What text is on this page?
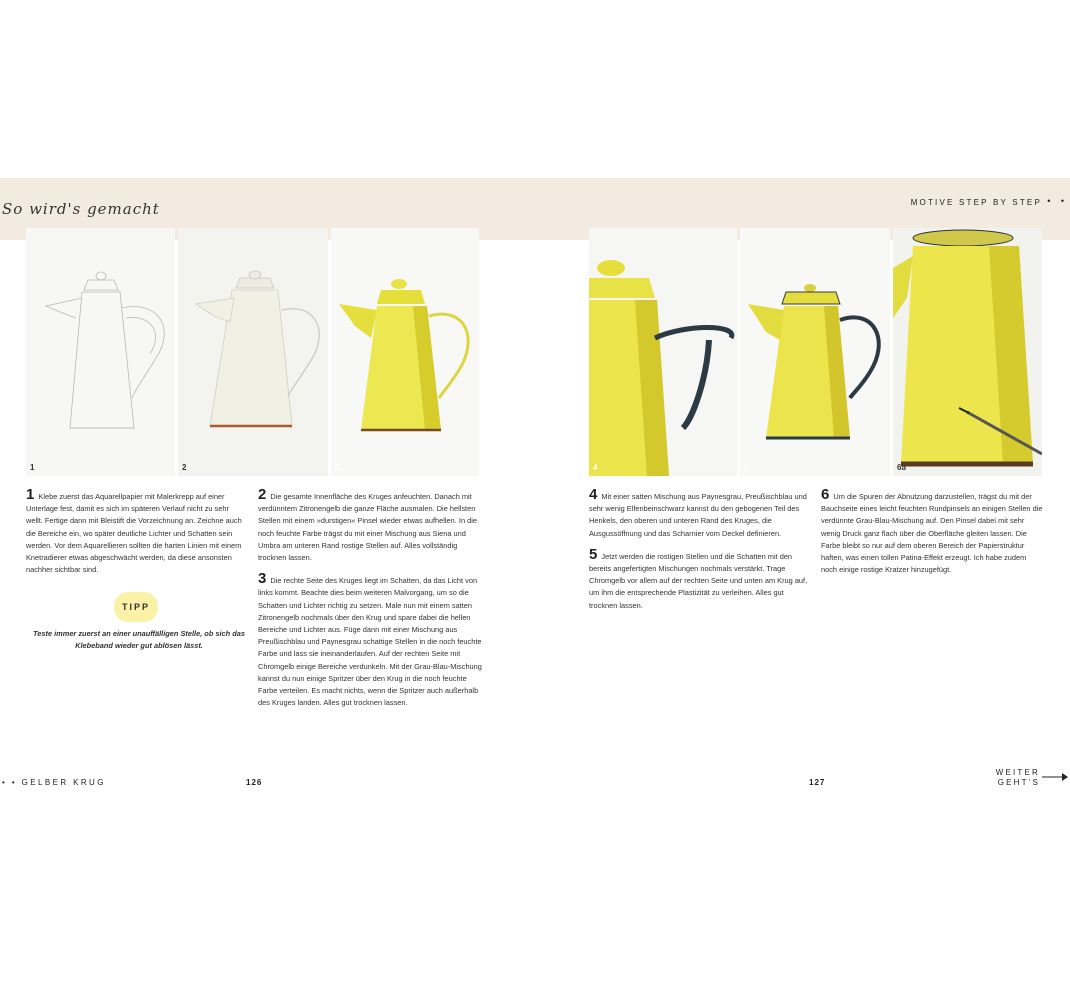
So wird's gemacht	MOTIVE STEP BY STEP • •
1	2	3	4	5	6a

1 Klebe zuerst das Aquarellpapier mit Malerkrepp auf einer Unterlage fest, damit es sich im späteren Verlauf nicht zu sehr wellt. Fertige dann mit Bleistift die Vorzeichnung an. Zeichne auch die Bereiche ein, wo später deutliche Lichter und Schatten sein werden. Vor dem Aquarellieren sollten die harten Linien mit einem Knetradierer etwas abgeschwächt werden, da diese ansonsten nachher sichtbar sind.

TIPP
Teste immer zuerst an einer unauffälligen Stelle, ob sich das Klebeband wieder gut ablösen lässt.

2 Die gesamte Innenfläche des Kruges anfeuchten. Danach mit verdünntem Zitronengelb die ganze Fläche ausmalen. Die hellsten Stellen mit einem »durstigen« Pinsel wieder etwas aufhellen. In die noch feuchte Farbe trägst du mit einer Mischung aus Siena und Umbra am unteren Rand rostige Stellen auf. Alles vollständig trocknen lassen.

3 Die rechte Seite des Kruges liegt im Schatten, da das Licht von links kommt. Beachte dies beim weiteren Malvorgang, um so die Schatten und Lichter richtig zu setzen. Male nun mit einem satten Zitronengelb nochmals über den Krug und spare dabei die hellen Bereiche und Lichter aus. Füge dann mit einer Mischung aus Preußischblau und Paynesgrau schattige Stellen in die noch feuchte Farbe und lass sie ineinanderlaufen. Auf der rechten Seite mit Chromgelb einige Bereiche verdunkeln. Mit der Grau-Blau-Mischung kannst du nun einige Spritzer über den Krug in die noch feuchte Farbe verteilen. Es macht nichts, wenn die Spritzer auch außerhalb des Kruges landen. Alles gut trocknen lassen.

4 Mit einer satten Mischung aus Paynesgrau, Preußischblau und sehr wenig Elfenbeinschwarz kannst du den gebogenen Teil des Henkels, den oberen und unteren Rand des Kruges, die Ausgussöffnung und das Scharnier vom Deckel definieren.

5 Jetzt werden die rostigen Stellen und die Schatten mit den bereits angefertigten Mischungen nochmals verstärkt. Trage Chromgelb vor allem auf der rechten Seite und unten am Krug auf, um ihm die entsprechende Plastizität zu verleihen. Alles gut trocknen lassen.

6 Um die Spuren der Abnutzung darzustellen, trägst du mit der Bauchseite eines leicht feuchten Rundpinsels an einigen Stellen die verdünnte Grau-Blau-Mischung auf. Den Pinsel dabei mit sehr wenig Druck ganz flach über die Oberfläche gleiten lassen. Die Farbe bleibt so nur auf dem oberen Bereich der Papierstruktur haften, was einen tollen Patina-Effekt erzeugt. Ich habe zudem noch einige rostige Kratzer hinzugefügt.

• • GELBER KRUG	126	127
WEITER
GEHT'S
